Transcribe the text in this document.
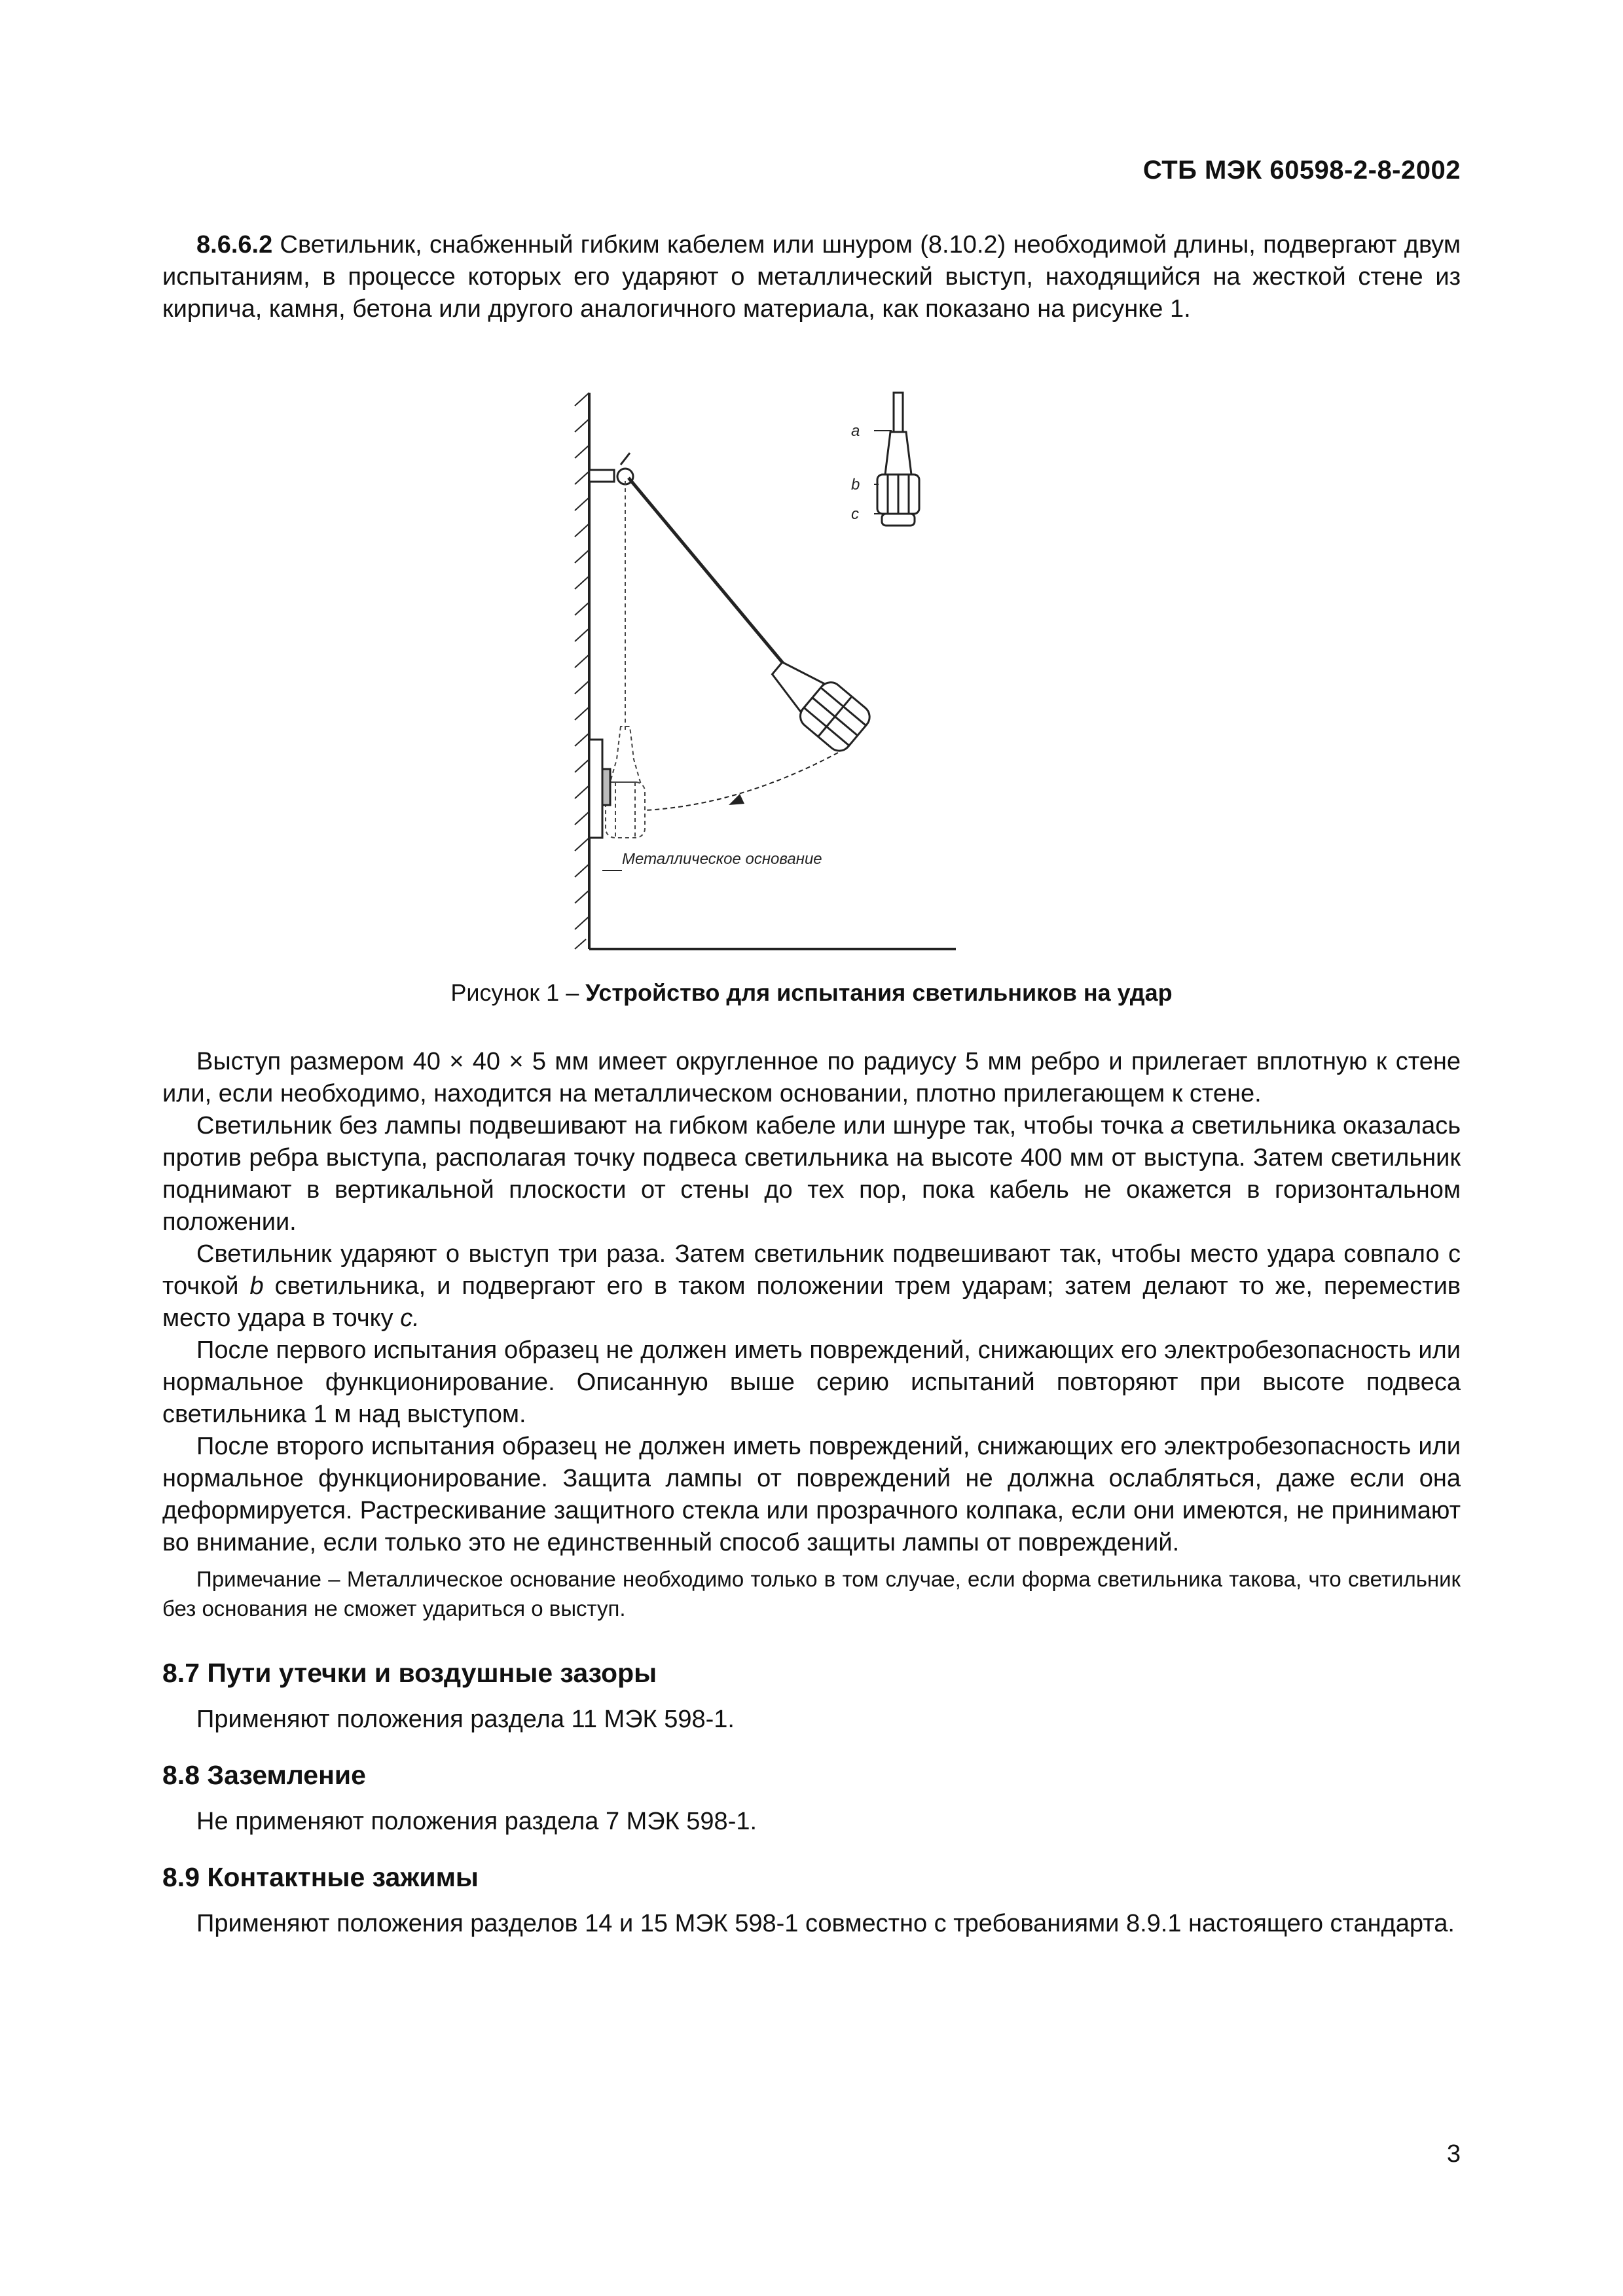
СТБ МЭК 60598-2-8-2002

8.6.6.2 Светильник, снабженный гибким кабелем или шнуром (8.10.2) необходимой длины, подвергают двум испытаниям, в процессе которых его ударяют о металлический выступ, находящийся на жесткой стене из кирпича, камня, бетона или другого аналогичного материала, как показано на рисунке 1.

a
b
c
Металлическое основание
Рисунок 1 – Устройство для испытания светильников на удар

Выступ размером 40 × 40 × 5 мм имеет округленное по радиусу 5 мм ребро и прилегает вплотную к стене или, если необходимо, находится на металлическом основании, плотно прилегающем к стене.

Светильник без лампы подвешивают на гибком кабеле или шнуре так, чтобы точка a светильника оказалась против ребра выступа, располагая точку подвеса светильника на высоте 400 мм от выступа. Затем светильник поднимают в вертикальной плоскости от стены до тех пор, пока кабель не окажется в горизонтальном положении.

Светильник ударяют о выступ три раза. Затем светильник подвешивают так, чтобы место удара совпало с точкой b светильника, и подвергают его в таком положении трем ударам; затем делают то же, переместив место удара в точку c.

После первого испытания образец не должен иметь повреждений, снижающих его электробезопасность или нормальное функционирование. Описанную выше серию испытаний повторяют при высоте подвеса светильника 1 м над выступом.

После второго испытания образец не должен иметь повреждений, снижающих его электробезопасность или нормальное функционирование. Защита лампы от повреждений не должна ослабляться, даже если она деформируется. Растрескивание защитного стекла или прозрачного колпака, если они имеются, не принимают во внимание, если только это не единственный способ защиты лампы от повреждений.

Примечание – Металлическое основание необходимо только в том случае, если форма светильника такова, что светильник без основания не сможет удариться о выступ.

8.7 Пути утечки и воздушные зазоры

Применяют положения раздела 11 МЭК 598-1.

8.8 Заземление

Не применяют положения раздела 7 МЭК 598-1.

8.9 Контактные зажимы

Применяют положения разделов 14 и 15 МЭК 598-1 совместно с требованиями 8.9.1 настоящего стандарта.

3
